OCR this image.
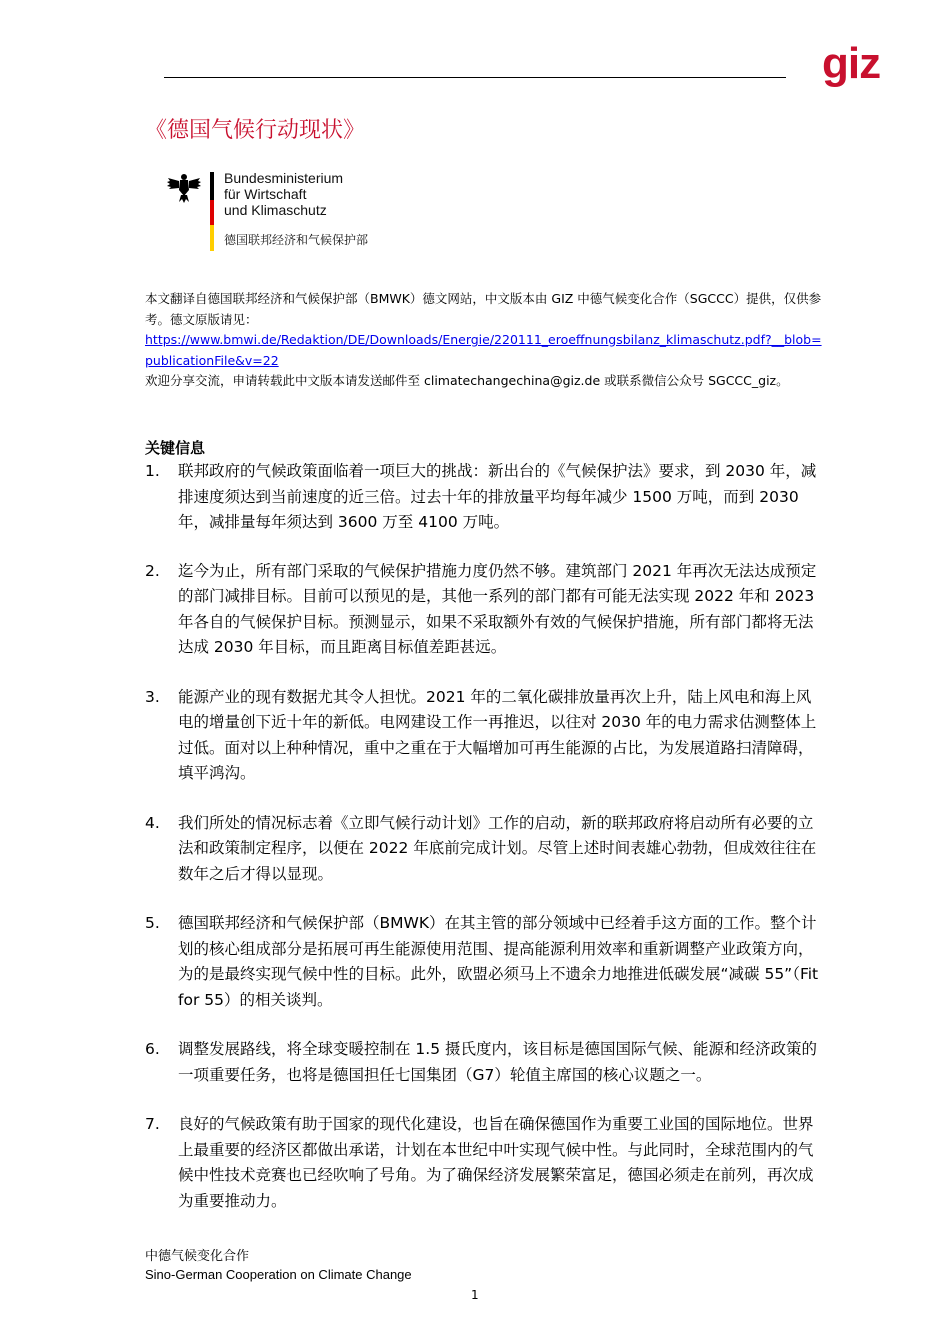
giz
《德国气候行动现状》
Bundesministerium
für Wirtschaft
und Klimaschutz
德国联邦经济和气候保护部
本文翻译自德国联邦经济和气候保护部（BMWK）德文网站，中文版本由 GIZ 中德气候变化合作（SGCCC）提供，仅供参考。德文原版请见：
https://www.bmwi.de/Redaktion/DE/Downloads/Energie/220111_eroeffnungsbilanz_klimaschutz.pdf?__blob=publicationFile&v=22
欢迎分享交流，申请转载此中文版本请发送邮件至 climatechangechina@giz.de 或联系微信公众号 SGCCC_giz。
关键信息
1. 联邦政府的气候政策面临着一项巨大的挑战：新出台的《气候保护法》要求，到 2030 年，减排速度须达到当前速度的近三倍。过去十年的排放量平均每年减少 1500 万吨，而到 2030 年，减排量每年须达到 3600 万至 4100 万吨。
2. 迄今为止，所有部门采取的气候保护措施力度仍然不够。建筑部门 2021 年再次无法达成预定的部门减排目标。目前可以预见的是，其他一系列的部门都有可能无法实现 2022 年和 2023 年各自的气候保护目标。预测显示，如果不采取额外有效的气候保护措施，所有部门都将无法达成 2030 年目标，而且距离目标值差距甚远。
3. 能源产业的现有数据尤其令人担忧。2021 年的二氧化碳排放量再次上升，陆上风电和海上风电的增量创下近十年的新低。电网建设工作一再推迟，以往对 2030 年的电力需求估测整体上过低。面对以上种种情况，重中之重在于大幅增加可再生能源的占比，为发展道路扫清障碍，填平鸿沟。
4. 我们所处的情况标志着《立即气候行动计划》工作的启动，新的联邦政府将启动所有必要的立法和政策制定程序，以便在 2022 年底前完成计划。尽管上述时间表雄心勃勃，但成效往往在数年之后才得以显现。
5. 德国联邦经济和气候保护部（BMWK）在其主管的部分领域中已经着手这方面的工作。整个计划的核心组成部分是拓展可再生能源使用范围、提高能源利用效率和重新调整产业政策方向，为的是最终实现气候中性的目标。此外，欧盟必须马上不遗余力地推进低碳发展“减碳 55”（Fit for 55）的相关谈判。
6. 调整发展路线，将全球变暖控制在 1.5 摄氏度内，该目标是德国国际气候、能源和经济政策的一项重要任务，也将是德国担任七国集团（G7）轮值主席国的核心议题之一。
7. 良好的气候政策有助于国家的现代化建设，也旨在确保德国作为重要工业国的国际地位。世界上最重要的经济区都做出承诺，计划在本世纪中叶实现气候中性。与此同时，全球范围内的气候中性技术竞赛也已经吹响了号角。为了确保经济发展繁荣富足，德国必须走在前列，再次成为重要推动力。
中德气候变化合作
Sino-German Cooperation on Climate Change
1
